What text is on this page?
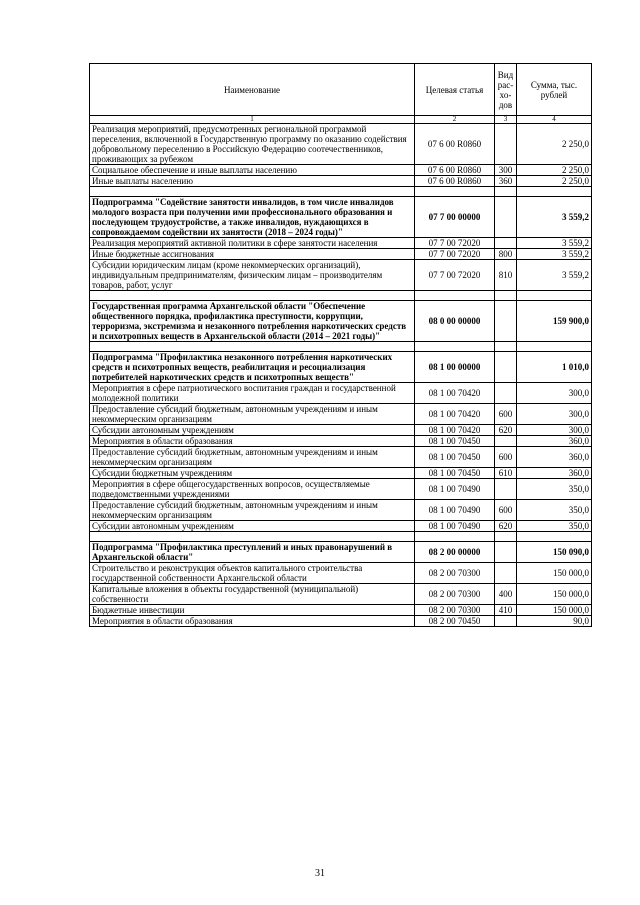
Наименование	Целевая статья	Вид рас- хо- дов	Сумма, тыс. рублей
1	2	3	4
Реализация мероприятий, предусмотренных региональной программой переселения, включенной в Государственную программу по оказанию содействия добровольному переселению в Российскую Федерацию соотечественников, проживающих за рубежом	07 6 00 R0860		2 250,0
Социальное обеспечение и иные выплаты населению	07 6 00 R0860	300	2 250,0
Иные выплаты населению	07 6 00 R0860	360	2 250,0

Подпрограмма "Содействие занятости инвалидов, в том числе инвалидов молодого возраста при получении ими профессионального образования и последующем трудоустройстве, а также инвалидов, нуждающихся в сопровождаемом содействии их занятости (2018 – 2024 годы)"	07 7 00 00000		3 559,2
Реализация мероприятий активной политики в сфере занятости населения	07 7 00 72020		3 559,2
Иные бюджетные ассигнования	07 7 00 72020	800	3 559,2
Субсидии юридическим лицам (кроме некоммерческих организаций), индивидуальным предпринимателям, физическим лицам – производителям товаров, работ, услуг	07 7 00 72020	810	3 559,2

Государственная программа Архангельской области "Обеспечение общественного порядка, профилактика преступности, коррупции, терроризма, экстремизма и незаконного потребления наркотических средств и психотропных веществ в Архангельской области (2014 – 2021 годы)"	08 0 00 00000		159 900,0

Подпрограмма "Профилактика незаконного потребления наркотических средств и психотропных веществ, реабилитация и ресоциализация потребителей наркотических средств и психотропных веществ"	08 1 00 00000		1 010,0
Мероприятия в сфере патриотического воспитания граждан и государственной молодежной политики	08 1 00 70420		300,0
Предоставление субсидий бюджетным, автономным учреждениям и иным некоммерческим организациям	08 1 00 70420	600	300,0
Субсидии автономным учреждениям	08 1 00 70420	620	300,0
Мероприятия в области образования	08 1 00 70450		360,0
Предоставление субсидий бюджетным, автономным учреждениям и иным некоммерческим организациям	08 1 00 70450	600	360,0
Субсидии бюджетным учреждениям	08 1 00 70450	610	360,0
Мероприятия в сфере общегосударственных вопросов, осуществляемые подведомственными учреждениями	08 1 00 70490		350,0
Предоставление субсидий бюджетным, автономным учреждениям и иным некоммерческим организациям	08 1 00 70490	600	350,0
Субсидии автономным учреждениям	08 1 00 70490	620	350,0

Подпрограмма "Профилактика преступлений и иных правонарушений в Архангельской области"	08 2 00 00000		150 090,0
Строительство и реконструкция объектов капитального строительства государственной собственности Архангельской области	08 2 00 70300		150 000,0
Капитальные вложения в объекты государственной (муниципальной) собственности	08 2 00 70300	400	150 000,0
Бюджетные инвестиции	08 2 00 70300	410	150 000,0
Мероприятия в области образования	08 2 00 70450		90,0
31
